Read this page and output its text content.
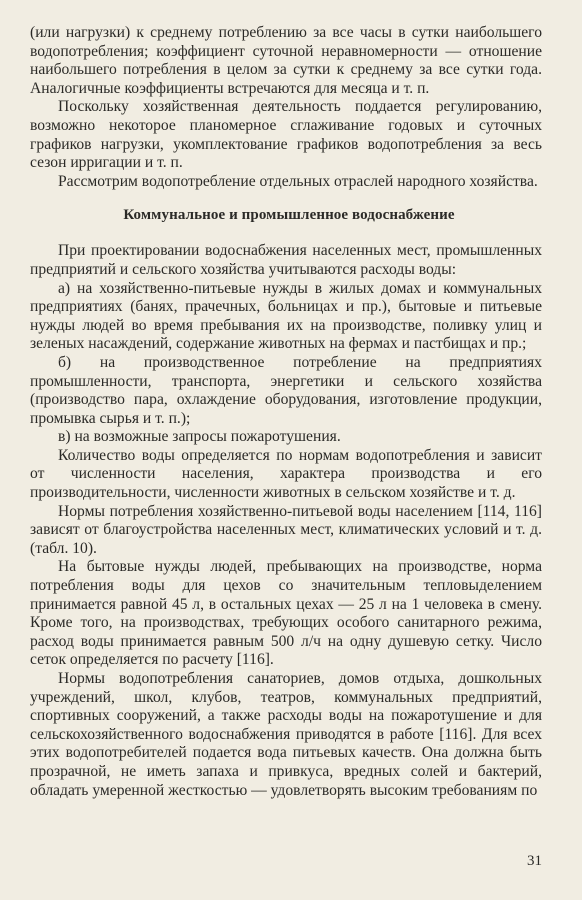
(или нагрузки) к среднему потреблению за все часы в сутки наибольшего водопотребления; коэффициент суточной неравномерности — отношение наибольшего потребления в целом за сутки к среднему за все сутки года. Аналогичные коэффициенты встречаются для месяца и т. п.

Поскольку хозяйственная деятельность поддается регулированию, возможно некоторое планомерное сглаживание годовых и суточных графиков нагрузки, укомплектование графиков водопотребления за весь сезон ирригации и т. п.

Рассмотрим водопотребление отдельных отраслей народного хозяйства.

Коммунальное и промышленное водоснабжение

При проектировании водоснабжения населенных мест, промышленных предприятий и сельского хозяйства учитываются расходы воды:

а) на хозяйственно-питьевые нужды в жилых домах и коммунальных предприятиях (банях, прачечных, больницах и пр.), бытовые и питьевые нужды людей во время пребывания их на производстве, поливку улиц и зеленых насаждений, содержание животных на фермах и пастбищах и пр.;

б) на производственное потребление на предприятиях промышленности, транспорта, энергетики и сельского хозяйства (производство пара, охлаждение оборудования, изготовление продукции, промывка сырья и т. п.);

в) на возможные запросы пожаротушения.

Количество воды определяется по нормам водопотребления и зависит от численности населения, характера производства и его производительности, численности животных в сельском хозяйстве и т. д.

Нормы потребления хозяйственно-питьевой воды населением [114, 116] зависят от благоустройства населенных мест, климатических условий и т. д. (табл. 10).

На бытовые нужды людей, пребывающих на производстве, норма потребления воды для цехов со значительным тепловыделением принимается равной 45 л, в остальных цехах — 25 л на 1 человека в смену. Кроме того, на производствах, требующих особого санитарного режима, расход воды принимается равным 500 л/ч на одну душевую сетку. Число сеток определяется по расчету [116].

Нормы водопотребления санаториев, домов отдыха, дошкольных учреждений, школ, клубов, театров, коммунальных предприятий, спортивных сооружений, а также расходы воды на пожаротушение и для сельскохозяйственного водоснабжения приводятся в работе [116]. Для всех этих водопотребителей подается вода питьевых качеств. Она должна быть прозрачной, не иметь запаха и привкуса, вредных солей и бактерий, обладать умеренной жесткостью — удовлетворять высоким требованиям по

31
